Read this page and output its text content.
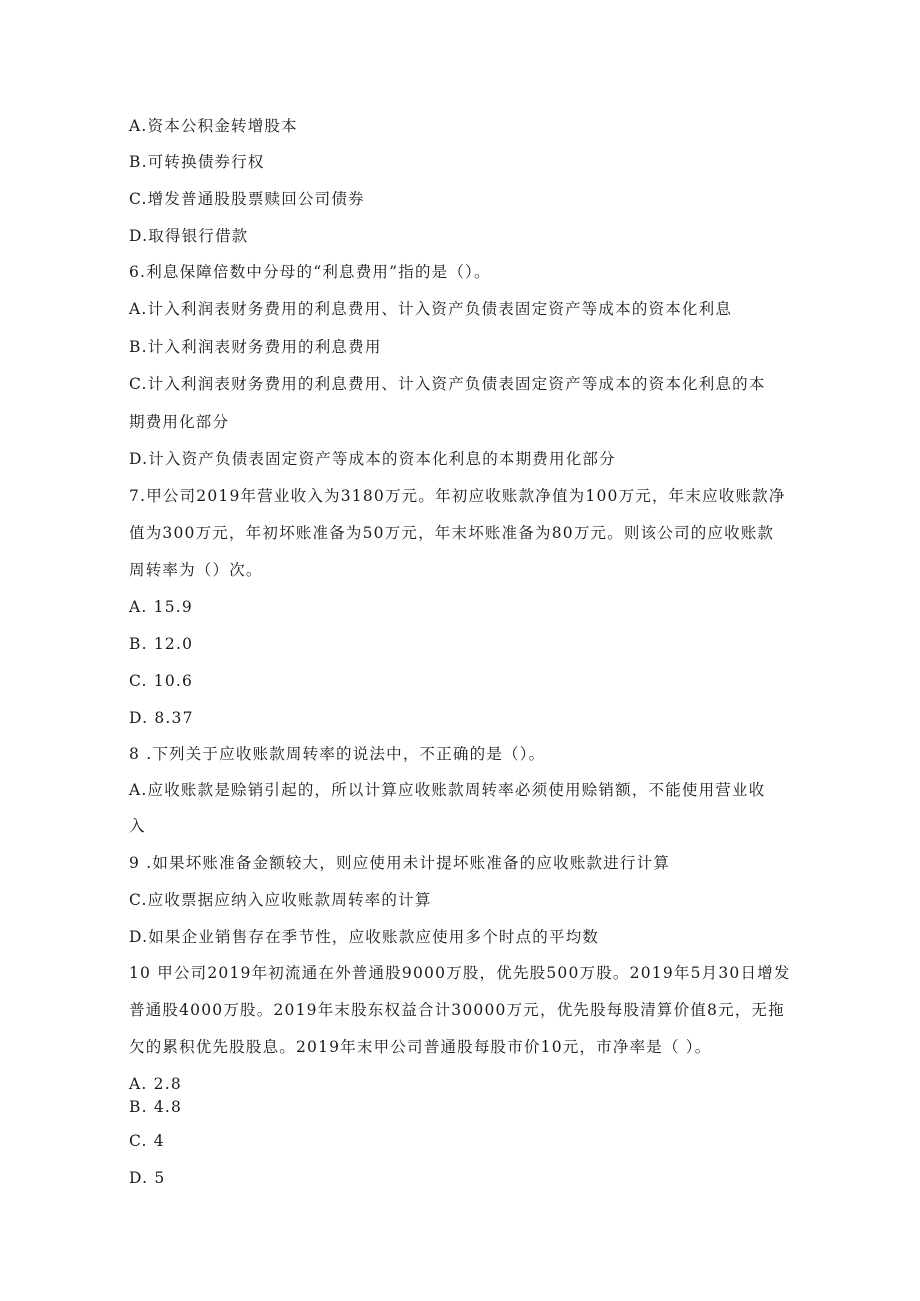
A.资本公积金转增股本
B.可转换债券行权
C.增发普通股股票赎回公司债券
D.取得银行借款
6.利息保障倍数中分母的“利息费用”指的是（）。
A.计入利润表财务费用的利息费用、计入资产负债表固定资产等成本的资本化利息
B.计入利润表财务费用的利息费用
C.计入利润表财务费用的利息费用、计入资产负债表固定资产等成本的资本化利息的本
期费用化部分
D.计入资产负债表固定资产等成本的资本化利息的本期费用化部分
7.甲公司2019年营业收入为3180万元。年初应收账款净值为100万元，年末应收账款净
值为300万元，年初坏账准备为50万元，年末坏账准备为80万元。则该公司的应收账款
周转率为（）次。
A. 15.9
B. 12.0
C. 10.6
D. 8.37
8 .下列关于应收账款周转率的说法中，不正确的是（）。
A.应收账款是赊销引起的，所以计算应收账款周转率必须使用赊销额，不能使用营业收
入
9 .如果坏账准备金额较大，则应使用未计提坏账准备的应收账款进行计算
C.应收票据应纳入应收账款周转率的计算
D.如果企业销售存在季节性，应收账款应使用多个时点的平均数
10 甲公司2019年初流通在外普通股9000万股，优先股500万股。2019年5月30日增发
普通股4000万股。2019年末股东权益合计30000万元，优先股每股清算价值8元，无拖
欠的累积优先股股息。2019年末甲公司普通股每股市价10元，市净率是（ ）。
A. 2.8
B. 4.8
C. 4
D. 5
